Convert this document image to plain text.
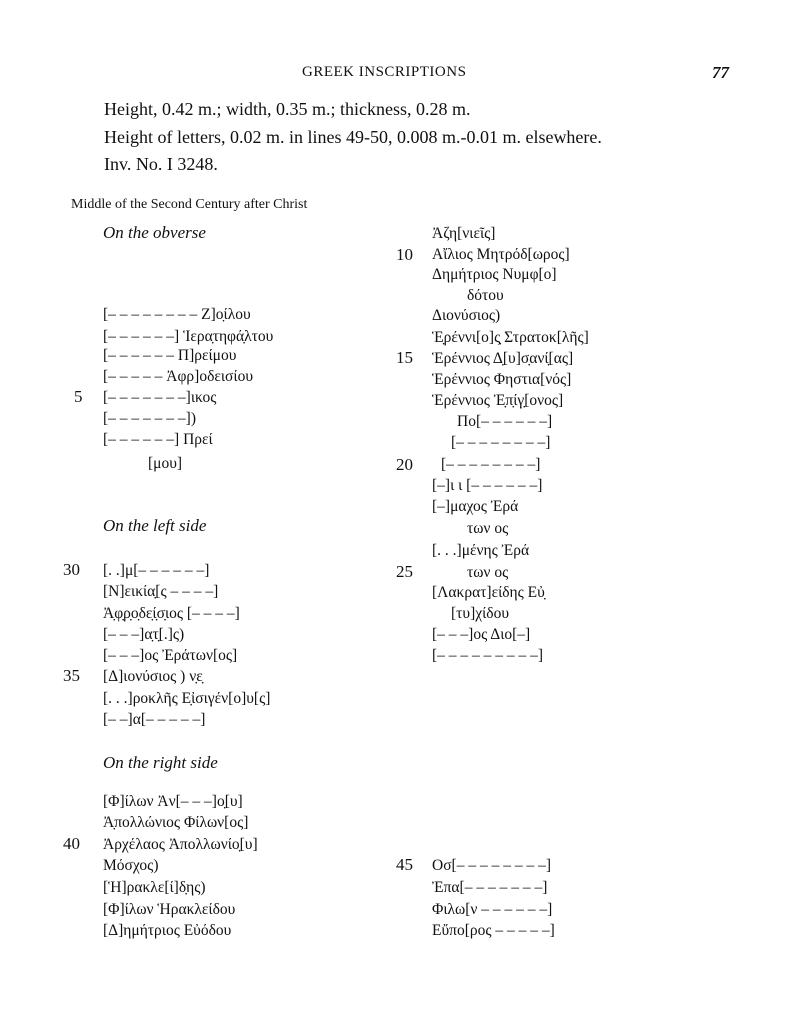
GREEK INSCRIPTIONS	77
Height, 0.42 m.; width, 0.35 m.; thickness, 0.28 m.
Height of letters, 0.02 m. in lines 49-50, 0.008 m.-0.01 m. elsewhere.
Inv. No. I 3248.
Middle of the Second Century after Christ
On the obverse
[– – – – – – – – Ζ]ο̣ίλου
[– – – – – –] Ἱερα̣τηφά̣λτου
[– – – – – – Π]ρείμου
[– – – – – Ἀφρ]οδεισίου
5 [– – – – – – –]ικος
[– – – – – – –])
[– – – – – –] Πρεί
[μου]
On the left side
30 [. .]μ[– – – – – –]
[Ν]εικία̣[ς – – – –]
Ἀ̣φ̣ρ̣ο̣δε̣ί̣σ̣ιος [– – – –]
[– – –]α̣τ̣[.]ς)
[– – –]ος Ἐράτων[ος]
35 [Δ]ιονύσιος ) ν̣ε̣
[. . .]ροκλῆς Ε̣ἰσιγέν[ο]υ[ς]
[– –]α[– – – – –]
On the right side
[Φ]ίλων Ἀν[– – –]ο̣[υ]
Ἀ̣πολλώνιος Φίλων[ος]
40 Ἀρχέλαος Ἀπολλωνίο̣[υ]
Μόσχος)
[Ἡ]ρακλε[ί]δ̣ης)
[Φ]ίλων Ἡρακλείδου
[Δ]ημήτριος Εὐόδου
Ἀζη[νιεῖς]
10 Αἴλιος Μητρόδ[ωρος]
Δημήτριος Νυμφ[ο]
δότου
Διονύσιος)
Ἑ̣ρέννι[ο]ς̣ Στρατοκ[λῆς]
15 Ἑρέννιος Δ̣[υ]σ̣ανί̣[ας]
Ἑρέννιος Φηστια[νός]
Ἑρέννιος Ἐ̣π̣ίγ̣[ονος]
Πο[– – – – – –]
[– – – – – – – –]
20 [– – – – – – – –]
[–]ι ι [– – – – – –]
[–]μαχος Ἐρά
των ος
[. . .]μένης Ἐρά
25	των ος
[Λακρατ]είδης Εὐ̣
[τυ]χίδου
[– – –]ος Διο[–]
[– – – – – – – – –]
45 Οσ[– – – – – – – –]
Ἐπα[– – – – – – –]
Φιλω[ν – – – – – –]
Εὔπο[ρος – – – – –]
